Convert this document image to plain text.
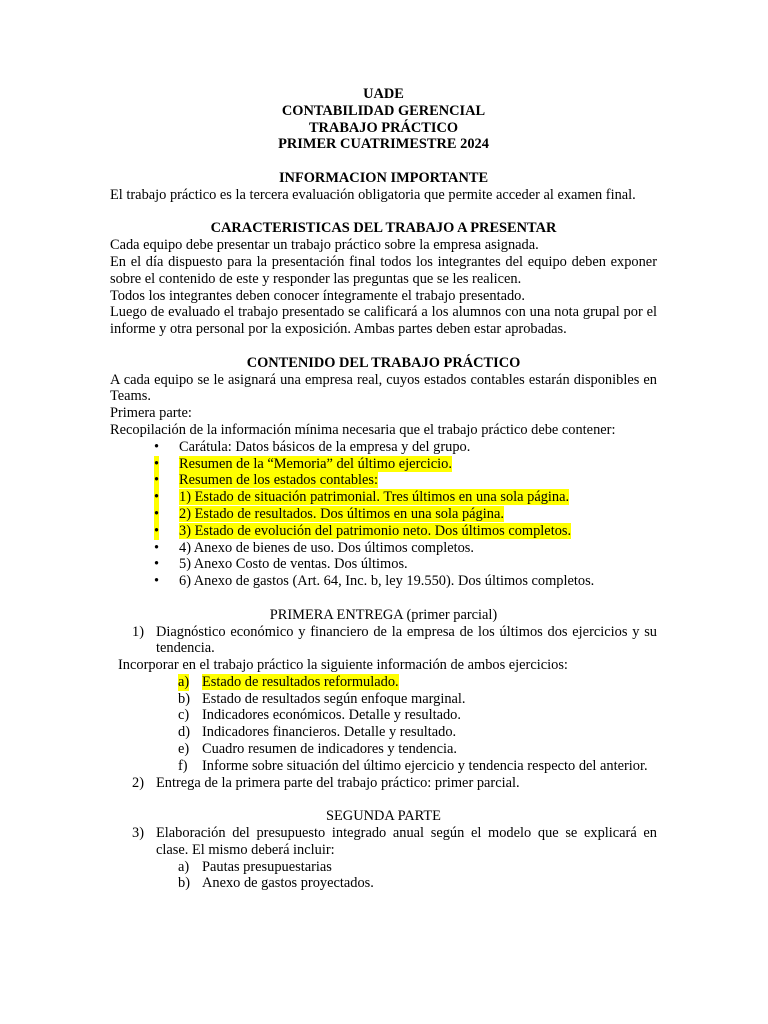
UADE
CONTABILIDAD GERENCIAL
TRABAJO PRÁCTICO
PRIMER CUATRIMESTRE 2024
INFORMACION IMPORTANTE
El trabajo práctico es la tercera evaluación obligatoria que permite acceder al examen final.
CARACTERISTICAS DEL TRABAJO A PRESENTAR
Cada equipo debe presentar un trabajo práctico sobre la empresa asignada.
En el día dispuesto para la presentación final todos los integrantes del equipo deben exponer sobre el contenido de este y responder las preguntas que se les realicen.
Todos los integrantes deben conocer íntegramente el trabajo presentado.
Luego de evaluado el trabajo presentado se calificará a los alumnos con una nota grupal por el informe y otra personal por la exposición. Ambas partes deben estar aprobadas.
CONTENIDO DEL TRABAJO PRÁCTICO
A cada equipo se le asignará una empresa real, cuyos estados contables estarán disponibles en Teams.
Primera parte:
Recopilación de la información mínima necesaria que el trabajo práctico debe contener:
• Carátula: Datos básicos de la empresa y del grupo.
• Resumen de la “Memoria” del último ejercicio.
• Resumen de los estados contables:
• 1) Estado de situación patrimonial. Tres últimos en una sola página.
• 2) Estado de resultados. Dos últimos en una sola página.
• 3) Estado de evolución del patrimonio neto. Dos últimos completos.
• 4) Anexo de bienes de uso. Dos últimos completos.
• 5) Anexo Costo de ventas. Dos últimos.
• 6) Anexo de gastos (Art. 64, Inc. b, ley 19.550). Dos últimos completos.
PRIMERA ENTREGA (primer parcial)
1) Diagnóstico económico y financiero de la empresa de los últimos dos ejercicios y su tendencia.
Incorporar en el trabajo práctico la siguiente información de ambos ejercicios:
a) Estado de resultados reformulado.
b) Estado de resultados según enfoque marginal.
c) Indicadores económicos. Detalle y resultado.
d) Indicadores financieros. Detalle y resultado.
e) Cuadro resumen de indicadores y tendencia.
f) Informe sobre situación del último ejercicio y tendencia respecto del anterior.
2) Entrega de la primera parte del trabajo práctico: primer parcial.
SEGUNDA PARTE
3) Elaboración del presupuesto integrado anual según el modelo que se explicará en clase. El mismo deberá incluir:
a) Pautas presupuestarias
b) Anexo de gastos proyectados.
